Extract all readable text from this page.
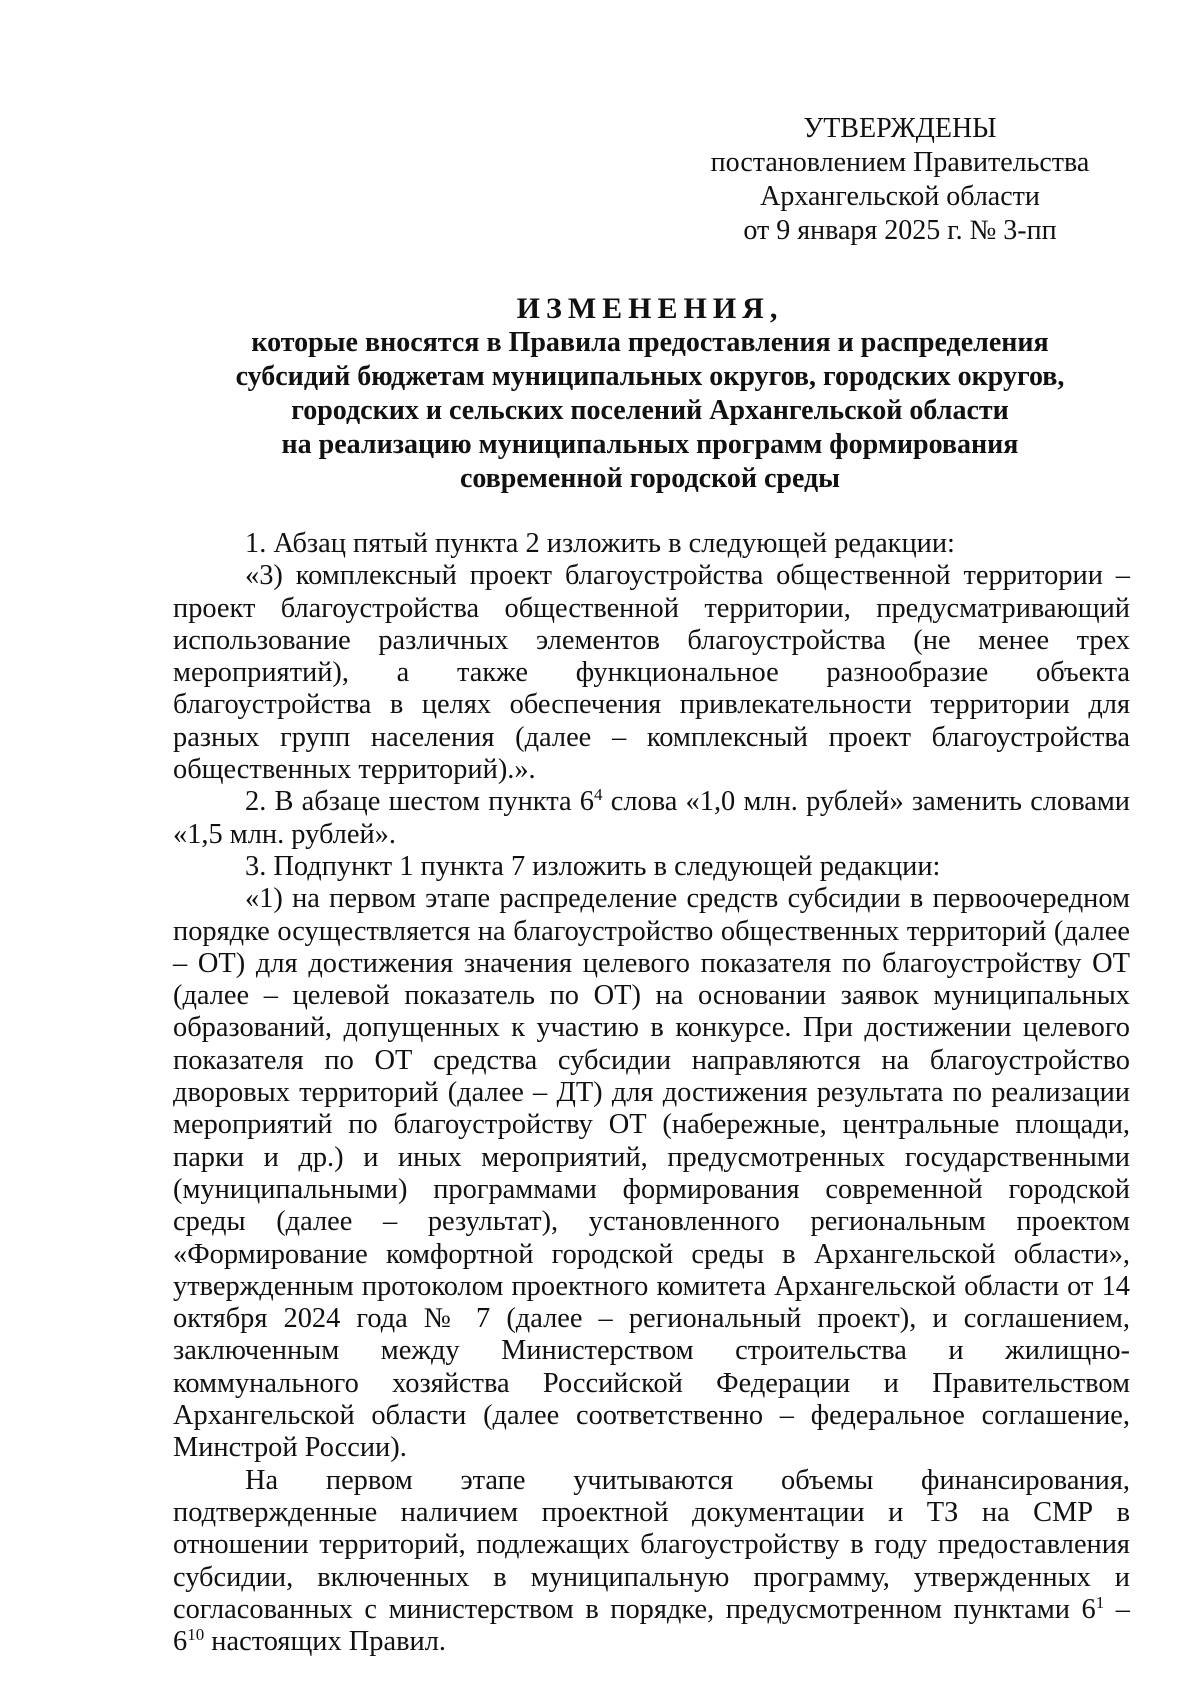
УТВЕРЖДЕНЫ
постановлением Правительства
Архангельской области
от 9 января 2025 г. № 3-пп
ИЗМЕНЕНИЯ,
которые вносятся в Правила предоставления и распределения
субсидий бюджетам муниципальных округов, городских округов,
городских и сельских поселений Архангельской области
на реализацию муниципальных программ формирования
современной городской среды

1. Абзац пятый пункта 2 изложить в следующей редакции:

«3) комплексный проект благоустройства общественной территории – проект благоустройства общественной территории, предусматривающий использование различных элементов благоустройства (не менее трех мероприятий), а также функциональное разнообразие объекта благоустройства в целях обеспечения привлекательности территории для разных групп населения (далее – комплексный проект благоустройства общественных территорий).».

2. В абзаце шестом пункта $6^4$ слова «1,0 млн. рублей» заменить словами «1,5 млн. рублей».

3. Подпункт 1 пункта 7 изложить в следующей редакции:

«1) на первом этапе распределение средств субсидии в первоочередном порядке осуществляется на благоустройство общественных территорий (далее – ОТ) для достижения значения целевого показателя по благоустройству ОТ (далее – целевой показатель по ОТ) на основании заявок муниципальных образований, допущенных к участию в конкурсе. При достижении целевого показателя по ОТ средства субсидии направляются на благоустройство дворовых территорий (далее – ДТ) для достижения результата по реализации мероприятий по благоустройству ОТ (набережные, центральные площади, парки и др.) и иных мероприятий, предусмотренных государственными (муниципальными) программами формирования современной городской среды (далее – результат), установленного региональным проектом «Формирование комфортной городской среды в Архангельской области», утвержденным протоколом проектного комитета Архангельской области от 14 октября 2024 года № 7 (далее – региональный проект), и соглашением, заключенным между Министерством строительства и жилищно-коммунального хозяйства Российской Федерации и Правительством Архангельской области (далее соответственно – федеральное соглашение, Минстрой России).

На первом этапе учитываются объемы финансирования, подтвержденные наличием проектной документации и ТЗ на СМР в отношении территорий, подлежащих благоустройству в году предоставления субсидии, включенных в муниципальную программу, утвержденных и согласованных с министерством в порядке, предусмотренном пунктами $6^1 - 6^{10}$ настоящих Правил.
